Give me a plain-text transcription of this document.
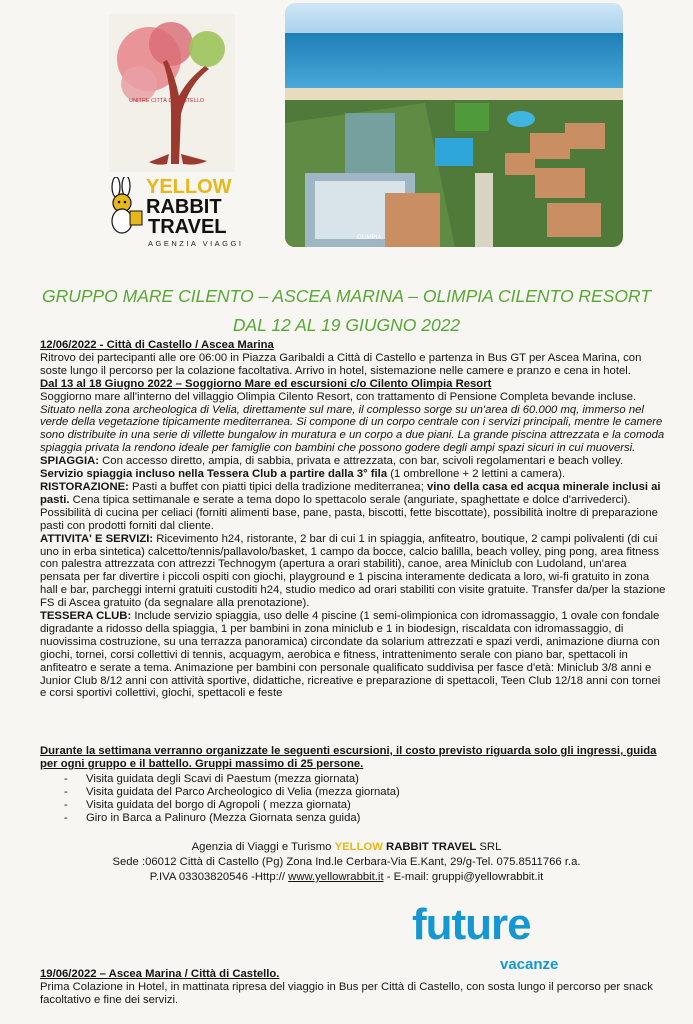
UNITRE CITTÀ DI CASTELLO
YELLOW
RABBIT
TRAVEL
AGENZIA VIAGGI
OLIMPIA
GRUPPO MARE CILENTO – ASCEA MARINA – OLIMPIA CILENTO RESORT
DAL 12 AL 19 GIUGNO 2022

12/06/2022 - Città di Castello / Ascea Marina

Ritrovo dei partecipanti alle ore 06:00 in Piazza Garibaldi a Città di Castello e partenza in Bus GT per Ascea Marina, con soste lungo il percorso per la colazione facoltativa. Arrivo in hotel, sistemazione nelle camere e pranzo e cena in hotel.

Dal 13 al 18 Giugno 2022 – Soggiorno Mare ed escursioni c/o Cilento Olimpia Resort

Soggiorno mare all'interno del villaggio Olimpia Cilento Resort, con trattamento di Pensione Completa bevande incluse.

Situato nella zona archeologica di Velia, direttamente sul mare, il complesso sorge su un'area di 60.000 mq, immerso nel verde della vegetazione tipicamente mediterranea. Si compone di un corpo centrale con i servizi principali, mentre le camere sono distribuite in una serie di villette bungalow in muratura e un corpo a due piani. La grande piscina attrezzata e la comoda spiaggia privata la rendono ideale per famiglie con bambini che possono godere degli ampi spazi sicuri in cui muoversi.

SPIAGGIA: Con accesso diretto, ampia, di sabbia, privata e attrezzata, con bar, scivoli regolamentari e beach volley.

Servizio spiaggia incluso nella Tessera Club a partire dalla 3° fila (1 ombrellone + 2 lettini a camera).

RISTORAZIONE: Pasti a buffet con piatti tipici della tradizione mediterranea; vino della casa ed acqua minerale inclusi ai pasti. Cena tipica settimanale e serate a tema dopo lo spettacolo serale (anguriate, spaghettate e dolce d'arrivederci). Possibilità di cucina per celiaci (forniti alimenti base, pane, pasta, biscotti, fette biscottate), possibilità inoltre di preparazione pasti con prodotti forniti dal cliente.

ATTIVITA' E SERVIZI: Ricevimento h24, ristorante, 2 bar di cui 1 in spiaggia, anfiteatro, boutique, 2 campi polivalenti (di cui uno in erba sintetica) calcetto/tennis/pallavolo/basket, 1 campo da bocce, calcio balilla, beach volley, ping pong, area fitness con palestra attrezzata con attrezzi Technogym (apertura a orari stabiliti), canoe, area Miniclub con Ludoland, un'area pensata per far divertire i piccoli ospiti con giochi, playground e 1 piscina interamente dedicata a loro, wi-fi gratuito in zona hall e bar, parcheggi interni gratuiti custoditi h24, studio medico ad orari stabiliti con visite gratuite. Transfer da/per la stazione FS di Ascea gratuito (da segnalare alla prenotazione).

TESSERA CLUB: Include servizio spiaggia, uso delle 4 piscine (1 semi-olimpionica con idromassaggio, 1 ovale con fondale digradante a ridosso della spiaggia, 1 per bambini in zona miniclub e 1 in biodesign, riscaldata con idromassaggio, di nuovissima costruzione, su una terrazza panoramica) circondate da solarium attrezzati e spazi verdi, animazione diurna con giochi, tornei, corsi collettivi di tennis, acquagym, aerobica e fitness, intrattenimento serale con piano bar, spettacoli in anfiteatro e serate a tema. Animazione per bambini con personale qualificato suddivisa per fasce d'età: Miniclub 3/8 anni e Junior Club 8/12 anni con attività sportive, didattiche, ricreative e preparazione di spettacoli, Teen Club 12/18 anni con tornei e corsi sportivi collettivi, giochi, spettacoli e feste

Durante la settimana verranno organizzate le seguenti escursioni, il costo previsto riguarda solo gli ingressi, guida per ogni gruppo e il battello. Gruppi massimo di 25 persone.
- Visita guidata degli Scavi di Paestum (mezza giornata)
- Visita guidata del Parco Archeologico di Velia (mezza giornata)
- Visita guidata del borgo di Agropoli ( mezza giornata)
- Giro in Barca a Palinuro (Mezza Giornata senza guida)
Agenzia di Viaggi e Turismo YELLOW RABBIT TRAVEL SRL
Sede :06012 Città di Castello (Pg) Zona Ind.le Cerbara-Via E.Kant, 29/g-Tel. 075.8511766 r.a.
P.IVA 03303820546 -Http:// www.yellowrabbit.it - E-mail: gruppi@yellowrabbit.it
future
vacanze
19/06/2022 – Ascea Marina / Città di Castello.
Prima Colazione in Hotel, in mattinata ripresa del viaggio in Bus per Città di Castello, con sosta lungo il percorso per snack facoltativo e fine dei servizi.
